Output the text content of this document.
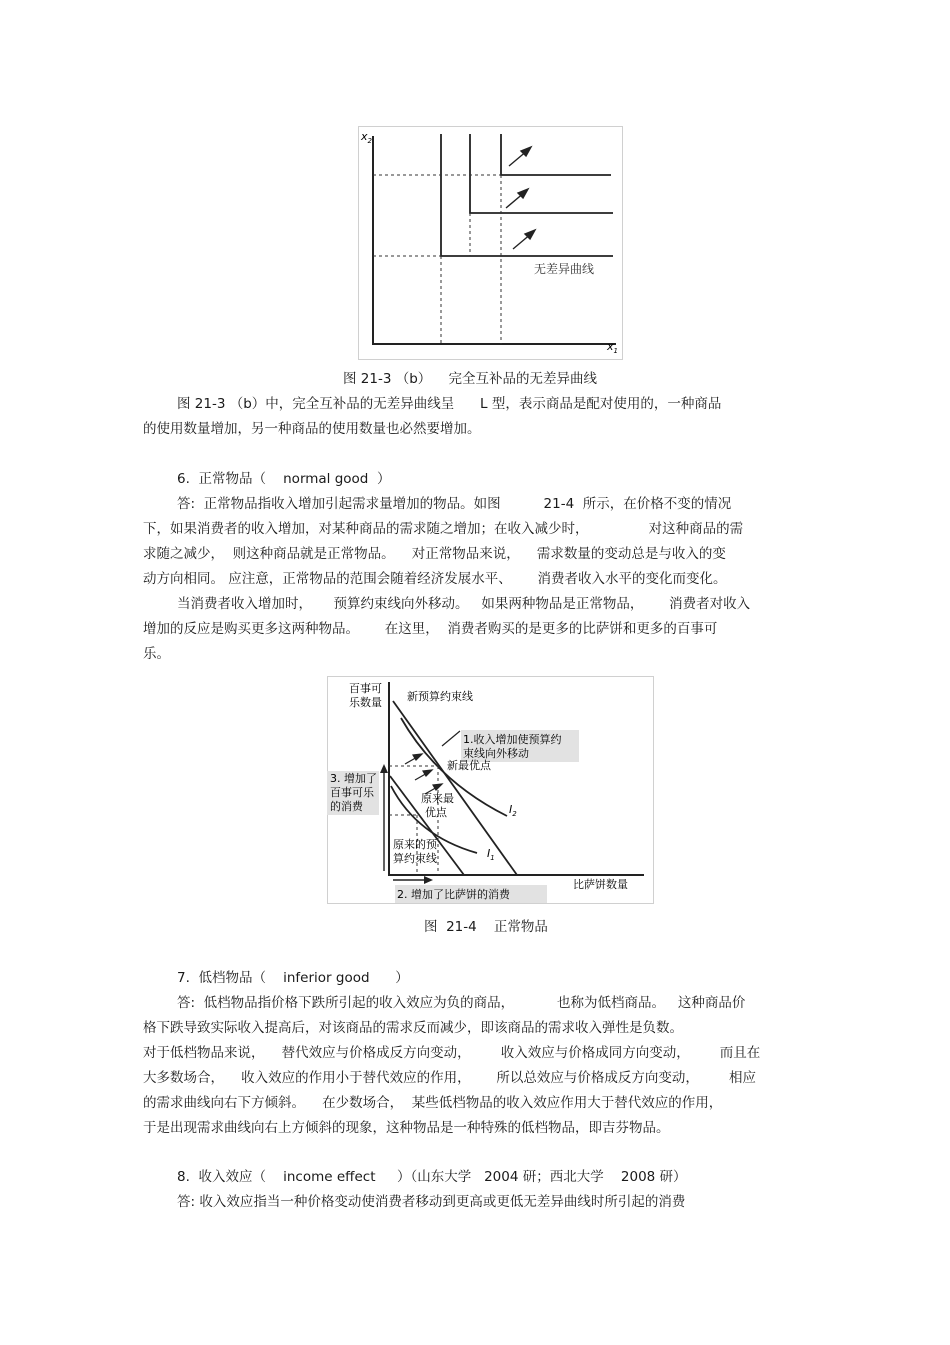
$x_2$
$x_1$
无差异曲线
图 21-3 （b）    完全互补品的无差异曲线
图 21-3 （b）中，完全互补品的无差异曲线呈      L 型，表示商品是配对使用的，一种商品
的使用数量增加，另一种商品的使用数量也必然要增加。
6.  正常物品（    normal good  ）
答:  正常物品指收入增加引起需求量增加的物品。如图          21-4  所示，在价格不变的情况
下，如果消费者的收入增加，对某种商品的需求随之增加；在收入减少时，              对这种商品的需
求随之减少，  则这种商品就是正常物品。    对正常物品来说，    需求数量的变动总是与收入的变
动方向相同。 应注意，正常物品的范围会随着经济发展水平、      消费者收入水平的变化而变化。
当消费者收入增加时，     预算约束线向外移动。   如果两种物品是正常物品，      消费者对收入
增加的反应是购买更多这两种物品。      在这里，  消费者购买的是更多的比萨饼和更多的百事可
乐。
百事可
乐数量 新预算约束线
1.收入增加使预算约
束线向外移动
新最优点
3. 增加了
百事可乐
的消费
原来最
优点	$I_2$
原来的预
算约束线	$I_1$
比萨饼数量
2. 增加了比萨饼的消费
图  21-4    正常物品
7.  低档物品（    inferior good      ）
答:  低档物品指价格下跌所引起的收入效应为负的商品，          也称为低档商品。   这种商品价
格下跌导致实际收入提高后，对该商品的需求反而减少，即该商品的需求收入弹性是负数。
对于低档物品来说，    替代效应与价格成反方向变动，       收入效应与价格成同方向变动，       而且在
大多数场合，    收入效应的作用小于替代效应的作用，      所以总效应与价格成反方向变动，       相应
的需求曲线向右下方倾斜。    在少数场合，  某些低档物品的收入效应作用大于替代效应的作用，
于是出现需求曲线向右上方倾斜的现象，这种物品是一种特殊的低档物品，即吉芬物品。
8.  收入效应（    income effect     ）（山东大学   2004 研；西北大学    2008 研）
答: 收入效应指当一种价格变动使消费者移动到更高或更低无差异曲线时所引起的消费
